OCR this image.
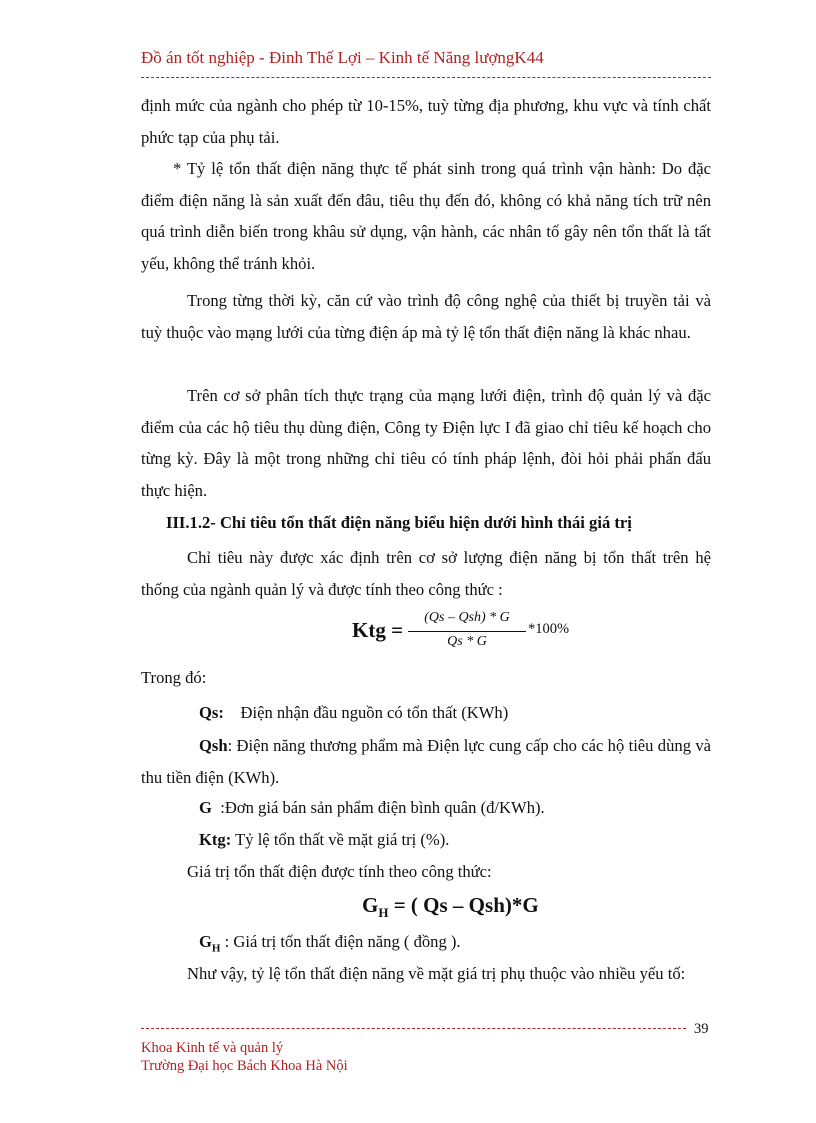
Đồ án tốt nghiệp - Đinh Thế Lợi – Kinh tế Năng lượngK44
định mức của ngành cho phép từ 10-15%, tuỳ từng địa phương, khu vực và tính chất phức tạp của phụ tải.
* Tỷ lệ tổn thất điện năng thực tế phát sinh trong quá trình vận hành: Do đặc điểm điện năng là sản xuất đến đâu, tiêu thụ đến đó, không có khả năng tích trữ nên quá trình diễn biến trong khâu sử dụng, vận hành, các nhân tố gây nên tổn thất là tất yếu, không thể tránh khỏi.
Trong từng thời kỳ, căn cứ vào trình độ công nghệ của thiết bị truyền tải và tuỳ thuộc vào mạng lưới của từng điện áp mà tỷ lệ tổn thất điện năng là khác nhau.
Trên cơ sở phân tích thực trạng của mạng lưới điện, trình độ quản lý và đặc điểm của các hộ tiêu thụ dùng điện, Công ty Điện lực I đã giao chỉ tiêu kế hoạch cho từng kỳ. Đây là một trong những chỉ tiêu có tính pháp lệnh, đòi hỏi phải phấn đấu thực hiện.
III.1.2- Chỉ tiêu tổn thất điện năng biểu hiện dưới hình thái giá trị
Chỉ tiêu này được xác định trên cơ sở lượng điện năng bị tổn thất trên hệ thống của ngành quản lý và được tính theo công thức :
Ktg =
(Qs – Qsh) * G
Qs * G
*100%
Trong đó:
Qs: Điện nhận đầu nguồn có tổn thất (KWh)
Qsh: Điện năng thương phẩm mà Điện lực cung cấp cho các hộ tiêu dùng và thu tiền điện (KWh).
G :Đơn giá bán sản phẩm điện bình quân (đ/KWh).
Ktg: Tỷ lệ tổn thất về mặt giá trị (%).
Giá trị tổn thất điện được tính theo công thức:
$G_H$ = ( Qs – Qsh)*G
$G_H$ : Giá trị tổn thất điện năng ( đồng ).
Như vậy, tỷ lệ tổn thất điện năng về mặt giá trị phụ thuộc vào nhiều yếu tố:
39
Khoa Kinh tế và quản lý
Trường Đại học Bách Khoa Hà Nội
